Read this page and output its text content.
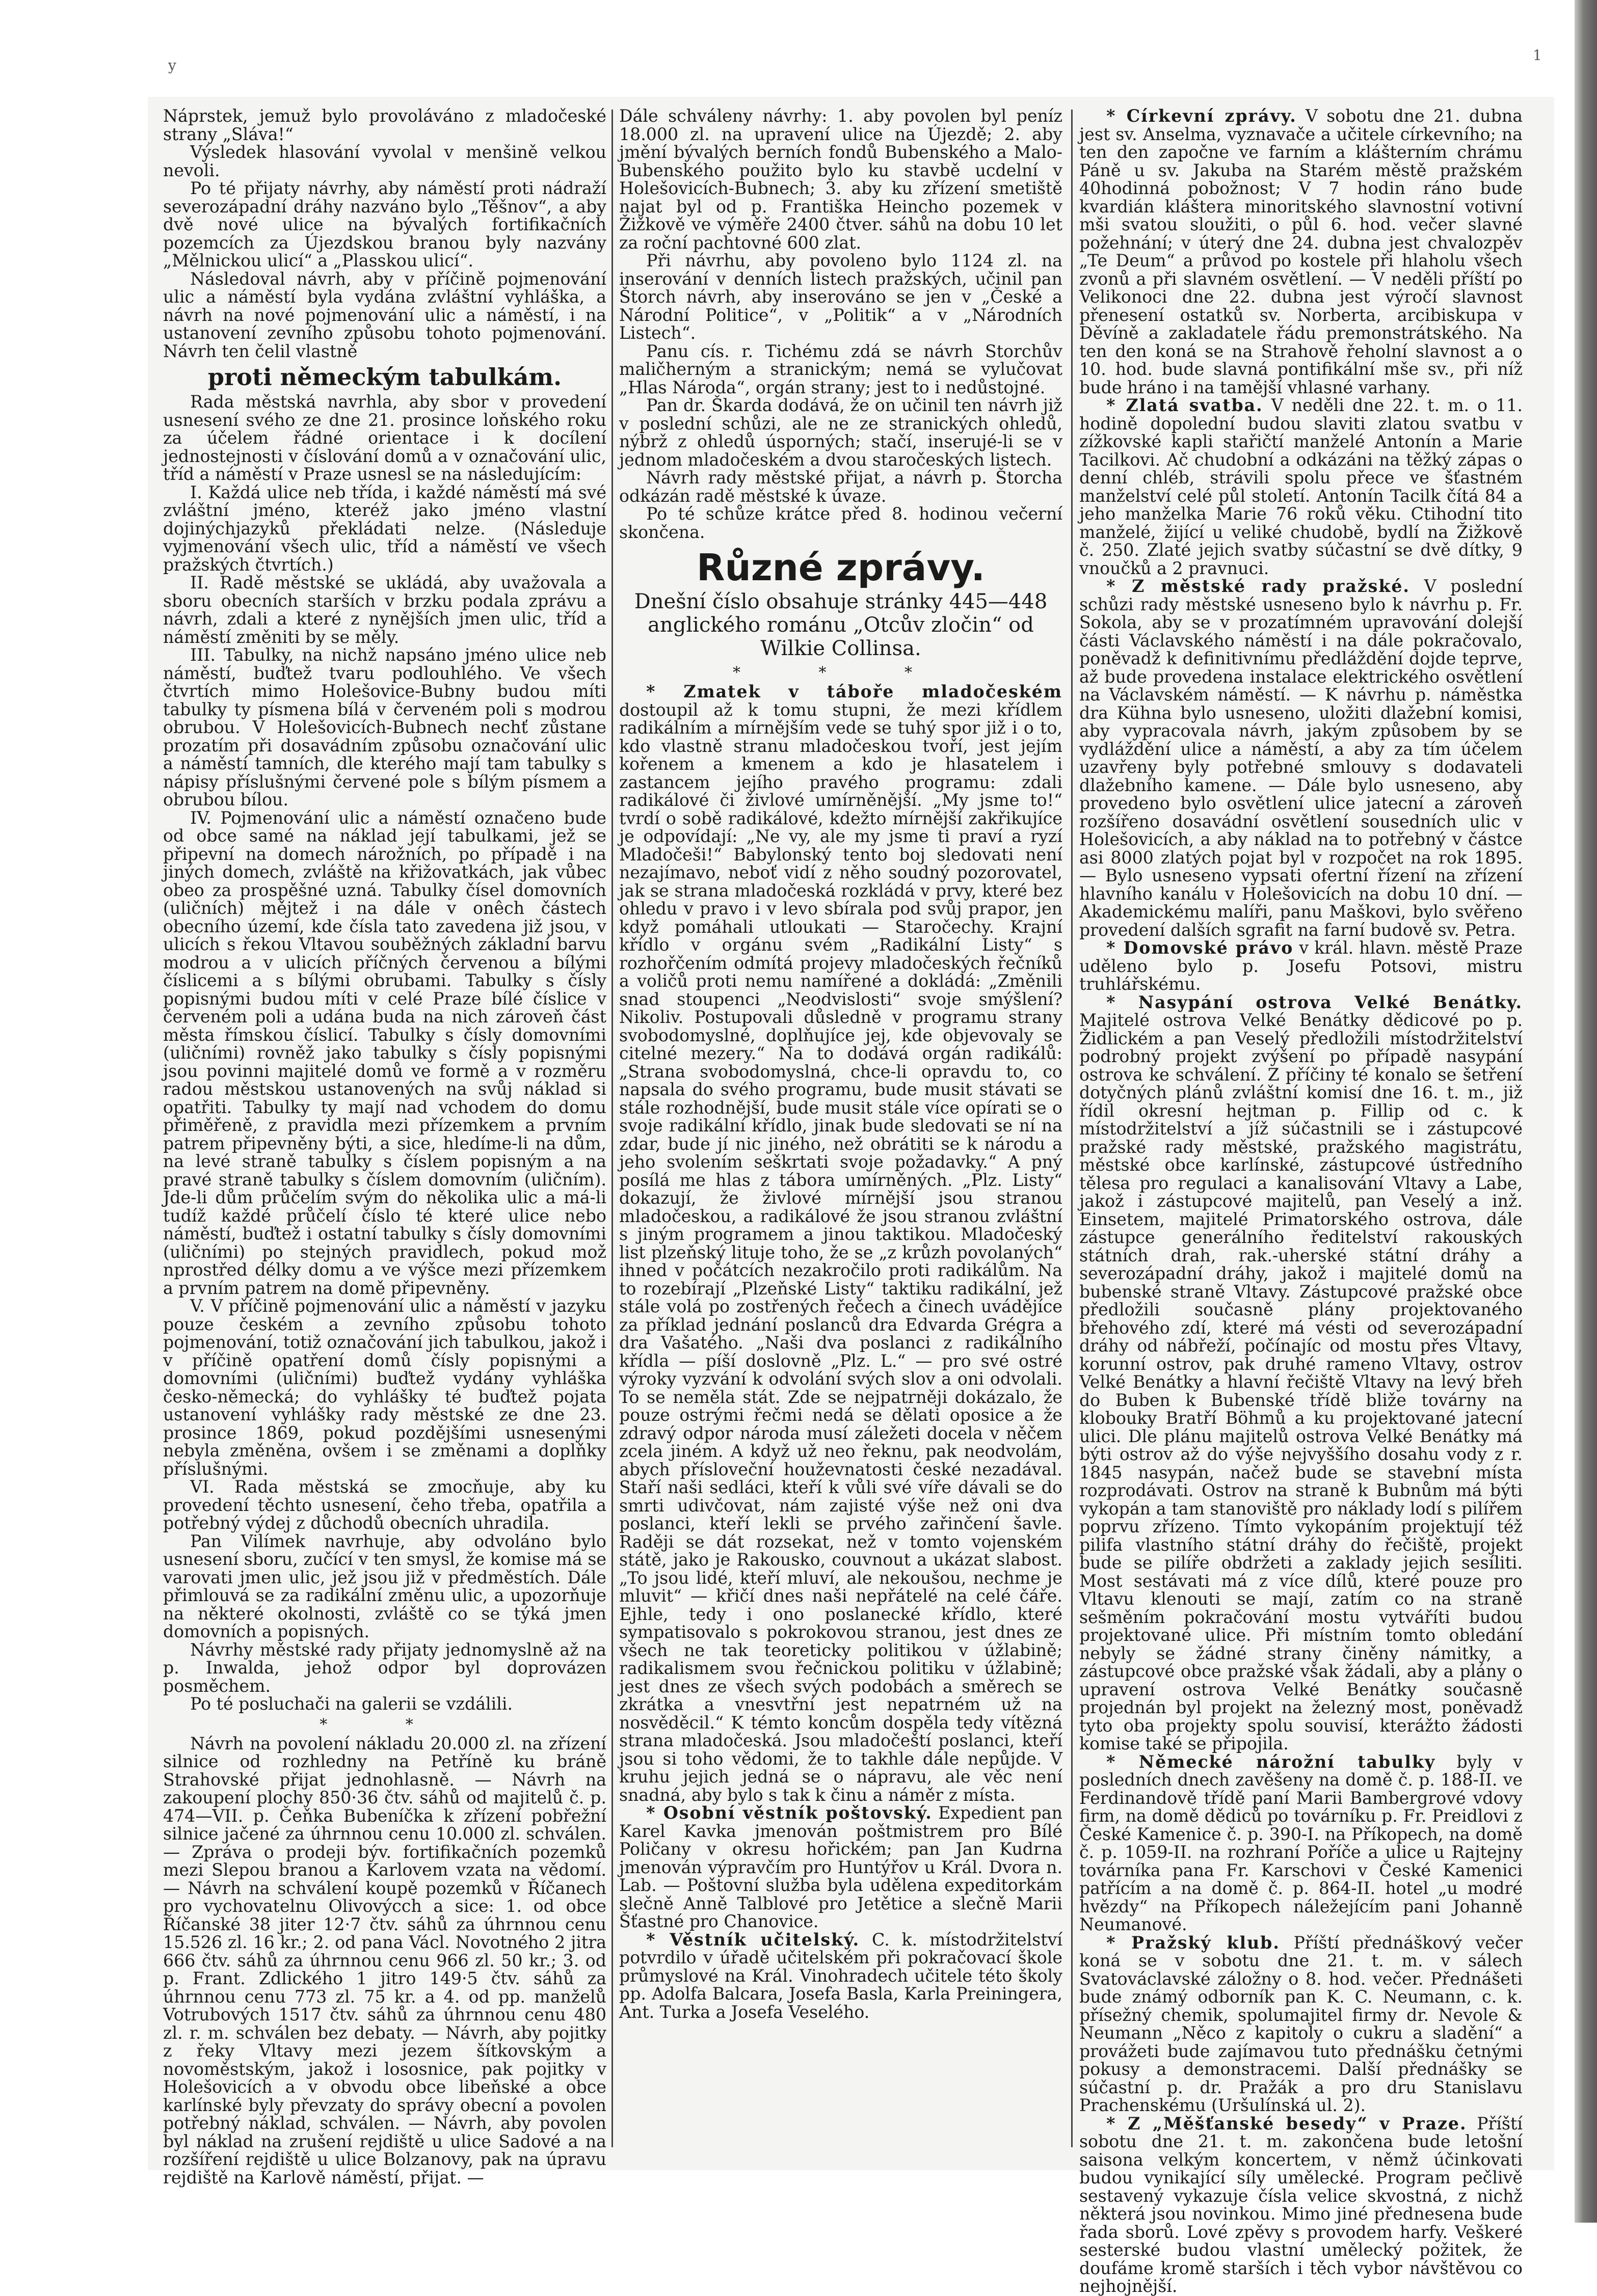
y
1

Náprstek, jemuž bylo provoláváno z mladočeské strany „Sláva!“

Výsledek hlasování vyvolal v menšině velkou nevoli.

Po té přijaty návrhy, aby náměstí proti nádraží severozápadní dráhy nazváno bylo „Těšnov“, a aby dvě nové ulice na bývalých fortifikačních pozemcích za Újezdskou branou byly nazvány „Mělnickou ulicí“ a „Plasskou ulicí“.

Následoval návrh, aby v příčině pojmenování ulic a náměstí byla vydána zvláštní vyhláška, a návrh na nové pojmenování ulic a náměstí, i na ustanovení zevního způsobu tohoto pojmenování. Návrh ten čelil vlastně

proti německým tabulkám.

Rada městská navrhla, aby sbor v provedení usnesení svého ze dne 21. prosince loňského roku za účelem řádné orientace i k docílení jednostejnosti v číslování domů a v označování ulic, tříd a náměstí v Praze usnesl se na následujícím:

I. Každá ulice neb třída, i každé náměstí má své zvláštní jméno, kteréž jako jméno vlastní dojinýchjazyků překládati nelze. (Následuje vyjmenování všech ulic, tříd a náměstí ve všech pražských čtvrtích.)

II. Radě městské se ukládá, aby uvažovala a sboru obecních starších v brzku podala zprávu a návrh, zdali a které z nynějších jmen ulic, tříd a náměstí změniti by se měly.

III. Tabulky, na nichž napsáno jméno ulice neb náměstí, buďtež tvaru podlouhlého. Ve všech čtvrtích mimo Holešovice-Bubny budou míti tabulky ty písmena bílá v červeném poli s modrou obrubou. V Holešovicích-Bubnech nechť zůstane prozatím při dosavádním způsobu označování ulic a náměstí tamních, dle kterého mají tam tabulky s nápisy příslušnými červené pole s bílým písmem a obrubou bílou.

IV. Pojmenování ulic a náměstí označeno bude od obce samé na náklad její tabulkami, jež se připevní na domech nárožních, po případě i na jiných domech, zvláště na křižovatkách, jak vůbec obeo za prospěšné uzná. Tabulky čísel domovních (uličních) mějtež i na dále v onêch částech obecního území, kde čísla tato zavedena již jsou, v ulicích s řekou Vltavou souběžných základní barvu modrou a v ulicích příčných červenou a bílými číslicemi a s bílými obrubami. Tabulky s čísly popisnými budou míti v celé Praze bílé číslice v červeném poli a udána buda na nich zároveň část města římskou číslicí. Tabulky s čísly domovními (uličními) rovněž jako tabulky s čísly popisnými jsou povinni majitelé domů ve formě a v rozměru radou městskou ustanovených na svůj náklad si opatřiti. Tabulky ty mají nad vchodem do domu přiměřeně, z pravidla mezi přízemkem a prvním patrem připevněny býti, a sice, hledíme-li na dům, na levé straně tabulky s číslem popisným a na pravé straně tabulky s číslem domovním (uličním). Jde-li dům průčelím svým do několika ulic a má-li tudíž každé průčelí číslo té které ulice nebo náměstí, buďtež i ostatní tabulky s čísly domovními (uličními) po stejných pravidlech, pokud mož nprostřed délky domu a ve výšce mezi přízemkem a prvním patrem na domě připevněny.

V. V příčině pojmenování ulic a náměstí v jazyku pouze českém a zevního způsobu tohoto pojmenování, totiž označování jich tabulkou, jakož i v příčině opatření domů čísly popisnými a domovními (uličními) buďtež vydány vyhláška česko-německá; do vyhlášky té buďtež pojata ustanovení vyhlášky rady městské ze dne 23. prosince 1869, pokud pozdějšími usnesenými nebyla změněna, ovšem i se změnami a doplňky příslušnými.

VI. Rada městská se zmocňuje, aby ku provedení těchto usnesení, čeho třeba, opatřila a potřebný výdej z důchodů obecních uhradila.

Pan Vilímek navrhuje, aby odvoláno bylo usnesení sboru, zučící v ten smysl, že komise má se varovati jmen ulic, jež jsou již v předměstích. Dále přimlouvá se za radikální změnu ulic, a upozorňuje na některé okolnosti, zvláště co se týká jmen domovních a popisných.

Návrhy městské rady přijaty jednomyslně až na p. Inwalda, jehož odpor byl doprovázen posměchem.

Po té posluchači na galerii se vzdálili.

* *

Návrh na povolení nákladu 20.000 zl. na zřízení silnice od rozhledny na Petříně ku bráně Strahovské přijat jednohlasně. — Návrh na zakoupení plochy 850·36 čtv. sáhů od majitelů č. p. 474—VII. p. Čeňka Bubeníčka k zřízení pobřežní silnice jačené za úhrnnou cenu 10.000 zl. schválen. — Zpráva o prodeji býv. fortifikačních pozemků mezi Slepou branou a Karlovem vzata na vědomí. — Návrh na schválení koupě pozemků v Říčanech pro vychovatelnu Olivovýcch a sice: 1. od obce Říčanské 38 jiter 12·7 čtv. sáhů za úhrnnou cenu 15.526 zl. 16 kr.; 2. od pana Václ. Novotného 2 jitra 666 čtv. sáhů za úhrnnou cenu 966 zl. 50 kr.; 3. od p. Frant. Zdlického 1 jitro 149·5 čtv. sáhů za úhrnnou cenu 773 zl. 75 kr. a 4. od pp. manželů Votrubových 1517 čtv. sáhů za úhrnnou cenu 480 zl. r. m. schválen bez debaty. — Návrh, aby pojitky z řeky Vltavy mezi jezem šítkovským a novoměstským, jakož i lososnice, pak pojitky v Holešovicích a v obvodu obce libeňské a obce karlínské byly převzaty do správy obecní a povolen potřebný náklad, schválen. — Návrh, aby povolen byl náklad na zrušení rejdiště u ulice Sadové a na rozšíření rejdiště u ulice Bolzanovy, pak na úpravu rejdiště na Karlově náměstí, přijat. —

Dále schváleny návrhy: 1. aby povolen byl peníz 18.000 zl. na upravení ulice na Újezdě; 2. aby jmění bývalých berních fondů Bubenského a Malo-Bubenského použito bylo ku stavbě ucdelní v Holešovicích-Bubnech; 3. aby ku zřízení smetiště najat byl od p. Františka Heincho pozemek v Žižkově ve výměře 2400 čtver. sáhů na dobu 10 let za roční pachtovné 600 zlat.

Při návrhu, aby povoleno bylo 1124 zl. na inserování v denních listech pražských, učinil pan Štorch návrh, aby inserováno se jen v „České a Národní Politice“, v „Politik“ a v „Národních Listech“.

Panu cís. r. Tichému zdá se návrh Storchův maličherným a stranickým; nemá se vylučovat „Hlas Národa“, orgán strany; jest to i nedůstojné.

Pan dr. Škarda dodává, že on učinil ten návrh již v poslední schůzi, ale ne ze stranických ohledů, nýbrž z ohledů úsporných; stačí, inserujé-li se v jednom mladočeském a dvou staročeských listech.

Návrh rady městské přijat, a návrh p. Štorcha odkázán radě městské k úvaze.

Po té schůze krátce před 8. hodinou večerní skončena.

Různé zprávy.

Dnešní číslo obsahuje stránky 445—448 anglického románu „Otcův zločin“ od Wilkie Collinsa.

* * *

* Zmatek v táboře mladočeském dostoupil až k tomu stupni, že mezi křídlem radikálním a mírnějším vede se tuhý spor již i o to, kdo vlastně stranu mladočeskou tvoří, jest jejím kořenem a kmenem a kdo je hlasatelem i zastancem jejího pravého programu: zdali radikálové či živlové umírněnější. „My jsme to!“ tvrdí o sobě radikálové, kdežto mírnější zakřikujíce je odpovídají: „Ne vy, ale my jsme ti praví a ryzí Mladočeši!“ Babylonský tento boj sledovati není nezajímavo, neboť vidí z něho soudný pozorovatel, jak se strana mladočeská rozkládá v prvy, které bez ohledu v pravo i v levo sbírala pod svůj prapor, jen když pomáhali utloukati — Staročechy. Krajní křídlo v orgánu svém „Radikální Listy“ s rozhořčením odmítá projevy mladočeských řečníků a voličů proti nemu namířené a dokládá: „Změnili snad stoupenci „Neodvislosti“ svoje smýšlení? Nikoliv. Postupovali důsledně v programu strany svobodomyslné, doplňujíce jej, kde objevovaly se citelné mezery.“ Na to dodává orgán radikálů: „Strana svobodomyslná, chce-li opravdu to, co napsala do svého programu, bude musit stávati se stále rozhodnější, bude musit stále více opírati se o svoje radikální křídlo, jinak bude sledovati se ní na zdar, bude jí nic jiného, než obrátiti se k národu a jeho svolením seškrtati svoje požadavky.“ A pný posílá me hlas z tábora umírněných. „Plz. Listy“ dokazují, že živlové mírnější jsou stranou mladočeskou, a radikálové že jsou stranou zvláštní s jiným programem a jinou taktikou. Mladočeský list plzeňský lituje toho, že se „z krůzh povolaných“ ihned v počátcích nezakročilo proti radikálům. Na to rozebírají „Plzeňské Listy“ taktiku radikální, jež stále volá po zostřených řečech a činech uvádějíce za příklad jednání poslanců dra Edvarda Grégra a dra Vašatého. „Naši dva poslanci z radikálního křídla — píší doslovně „Plz. L.“ — pro své ostré výroky vyzvání k odvolání svých slov a oni odvolali. To se neměla stát. Zde se nejpatrněji dokázalo, že pouze ostrými řečmi nedá se dělati oposice a že zdravý odpor národa musí záležeti docela v něčem zcela jiném. A když už neo řeknu, pak neodvolám, abych přísloveční houževnatosti české nezadával. Staří naši sedláci, kteří k vůli své víře dávali se do smrti udivčovat, nám zajisté výše než oni dva poslanci, kteří lekli se prvého zařinčení šavle. Raději se dát rozsekat, než v tomto vojenském státě, jako je Rakousko, couvnout a ukázat slabost. „To jsou lidé, kteří mluví, ale nekoušou, nechme je mluvit“ — křičí dnes naši nepřátelé na celé čáře. Ejhle, tedy i ono poslanecké křídlo, které sympatisovalo s pokrokovou stranou, jest dnes ze všech ne tak teoreticky politikou v úžlabině; radikalismem svou řečnickou politiku v úžlabině; jest dnes ze všech svých podobách a směrech se zkrátka a vnesvtřní jest nepatrném už na nosvěděcil.“ K témto koncům dospěla tedy vítězná strana mladočeská. Jsou mladočeští poslanci, kteří jsou si toho vědomi, že to takhle dále nepůjde. V kruhu jejich jedná se o nápravu, ale věc není snadná, aby bylo s tak k činu a náměr z místa.

* Osobní věstník poštovský. Expedient pan Karel Kavka jmenován poštmistrem pro Bílé Poličany v okresu hořickém; pan Jan Kudrna jmenován výpravčím pro Huntýřov u Král. Dvora n. Lab. — Poštovní služba byla udělena expeditorkám slečně Anně Talblové pro Jetětice a slečně Marii Šťastné pro Chanovice.

* Věstník učitelský. C. k. místodržitelství potvrdilo v úřadě učitelském při pokračovací škole průmyslové na Král. Vinohradech učitele této školy pp. Adolfa Balcara, Josefa Basla, Karla Preiningera, Ant. Turka a Josefa Veselého.

* Církevní zprávy. V sobotu dne 21. dubna jest sv. Anselma, vyznavače a učitele církevního; na ten den započne ve farním a klášterním chrámu Páně u sv. Jakuba na Starém městě pražském 40hodinná pobožnost; V 7 hodin ráno bude kvardián kláštera minoritského slavnostní votivní mši svatou sloužiti, o půl 6. hod. večer slavné požehnání; v úterý dne 24. dubna jest chvalozpěv „Te Deum“ a průvod po kostele při hlaholu všech zvonů a při slavném osvětlení. — V neděli příští po Velikonoci dne 22. dubna jest výročí slavnost přenesení ostatků sv. Norberta, arcibiskupa v Děvíně a zakladatele řádu premonstrátského. Na ten den koná se na Strahově řeholní slavnost a o 10. hod. bude slavná pontifikální mše sv., při níž bude hráno i na tamější vhlasné varhany.

* Zlatá svatba. V neděli dne 22. t. m. o 11. hodině dopolední budou slaviti zlatou svatbu v zížkovské kapli stařičtí manželé Antonín a Marie Tacilkovi. Ač chudobní a odkázáni na těžký zápas o denní chléb, strávili spolu přece ve šťastném manželství celé půl století. Antonín Tacilk čítá 84 a jeho manželka Marie 76 roků věku. Ctihodní tito manželé, žijící u veliké chudobě, bydlí na Žižkově č. 250. Zlaté jejich svatby súčastní se dvě dítky, 9 vnoučků a 2 pravnuci.

* Z městské rady pražské. V poslední schůzi rady městské usneseno bylo k návrhu p. Fr. Sokola, aby se v prozatímném upravování dolejší části Václavského náměstí i na dále pokračovalo, poněvadž k definitivnímu předláždění dojde teprve, až bude provedena instalace elektrického osvětlení na Václavském náměstí. — K návrhu p. náměstka dra Kühna bylo usneseno, uložiti dlažební komisi, aby vypracovala návrh, jakým způsobem by se vydláždění ulice a náměstí, a aby za tím účelem uzavřeny byly potřebné smlouvy s dodavateli dlažebního kamene. — Dále bylo usneseno, aby provedeno bylo osvětlení ulice jatecní a zároveň rozšířeno dosavádní osvětlení sousedních ulic v Holešovicích, a aby náklad na to potřebný v částce asi 8000 zlatých pojat byl v rozpočet na rok 1895. — Bylo usneseno vypsati ofertní řízení na zřízení hlavního kanálu v Holešovicích na dobu 10 dní. — Akademickému malíři, panu Maškovi, bylo svěřeno provedení dalších sgrafit na farní budově sv. Petra.

* Domovské právo v král. hlavn. městě Praze uděleno bylo p. Josefu Potsovi, mistru truhlářskému.

* Nasypání ostrova Velké Benátky. Majitelé ostrova Velké Benátky dědicové po p. Židlickém a pan Veselý předložili místodržitelství podrobný projekt zvýšení po případě nasypání ostrova ke schválení. Z příčiny té konalo se šetření dotyčných plánů zvláštní komisí dne 16. t. m., již řídil okresní hejtman p. Fillip od c. k místodržitelství a jíž súčastnili se i zástupcové pražské rady městské, pražského magistrátu, městské obce karlínské, zástupcové ústředního tělesa pro regulaci a kanalisování Vltavy a Labe, jakož i zástupcové majitelů, pan Veselý a inž. Einsetem, majitelé Primatorského ostrova, dále zástupce generálního ředitelství rakouských státních drah, rak.-uherské státní dráhy a severozápadní dráhy, jakož i majitelé domů na bubenské straně Vltavy. Zástupcové pražské obce předložili současně plány projektovaného břehového zdí, které má vésti od severozápadní dráhy od nábřeží, počínajíc od mostu přes Vltavy, korunní ostrov, pak druhé rameno Vltavy, ostrov Velké Benátky a hlavní řečiště Vltavy na levý břeh do Buben k Bubenské třídě bliže továrny na klobouky Bratří Böhmů a ku projektované jatecní ulici. Dle plánu majitelů ostrova Velké Benátky má býti ostrov až do výše nejvyššího dosahu vody z r. 1845 nasypán, načež bude se stavební místa rozprodávati. Ostrov na straně k Bubnům má býti vykopán a tam stanoviště pro náklady lodí s pilířem poprvu zřízeno. Tímto vykopáním projektují též pilifa vlastního státní dráhy do řečiště, projekt bude se pilíře obdržeti a zaklady jejich sesíliti. Most sestávati má z více dílů, které pouze pro Vltavu klenouti se mají, zatím co na straně sešměním pokračování mostu vytváříti budou projektované ulice. Při místním tomto obledání nebyly se žádné strany činěny námitky, a zástupcové obce pražské však žádali, aby a plány o upravení ostrova Velké Benátky současně projednán byl projekt na železný most, poněvadž tyto oba projekty spolu souvisí, kterážto žádosti komise také se připojila.

* Německé nárožní tabulky byly v posledních dnech zavěšeny na domě č. p. 188-II. ve Ferdinandově třídě paní Marii Bambergrové vdovy firm, na domě dědiců po továrníku p. Fr. Preidlovi z České Kamenice č. p. 390-I. na Příkopech, na domě č. p. 1059-II. na rozhraní Poříče a ulice u Rajtejny továrníka pana Fr. Karschovi v České Kamenici patřícím a na domě č. p. 864-II. hotel „u modré hvězdy“ na Příkopech náležejícím pani Johanně Neumanové.

* Pražský klub. Příští přednáškový večer koná se v sobotu dne 21. t. m. v sálech Svatováclavské záložny o 8. hod. večer. Přednášeti bude známý odborník pan K. C. Neumann, c. k. přísežný chemik, spolumajitel firmy dr. Nevole & Neumann „Něco z kapitoly o cukru a sladění“ a provážeti bude zajímavou tuto přednášku četnými pokusy a demonstracemi. Další přednášky se súčastní p. dr. Pražák a pro dru Stanislavu Prachenskému (Uršulínská ul. 2).

* Z „Měšťanské besedy“ v Praze. Příští sobotu dne 21. t. m. zakončena bude letošní saisona velkým koncertem, v němž účinkovati budou vynikající síly umělecké. Program pečlivě sestavený vykazuje čísla velice skvostná, z nichž některá jsou novinkou. Mimo jiné přednesena bude řada sborů. Lové zpěvy s provodem harfy. Veškeré sesterské budou vlastní umělecký požitek, že doufáme kromě starších i těch vybor návštěvou co nejhojnější.
